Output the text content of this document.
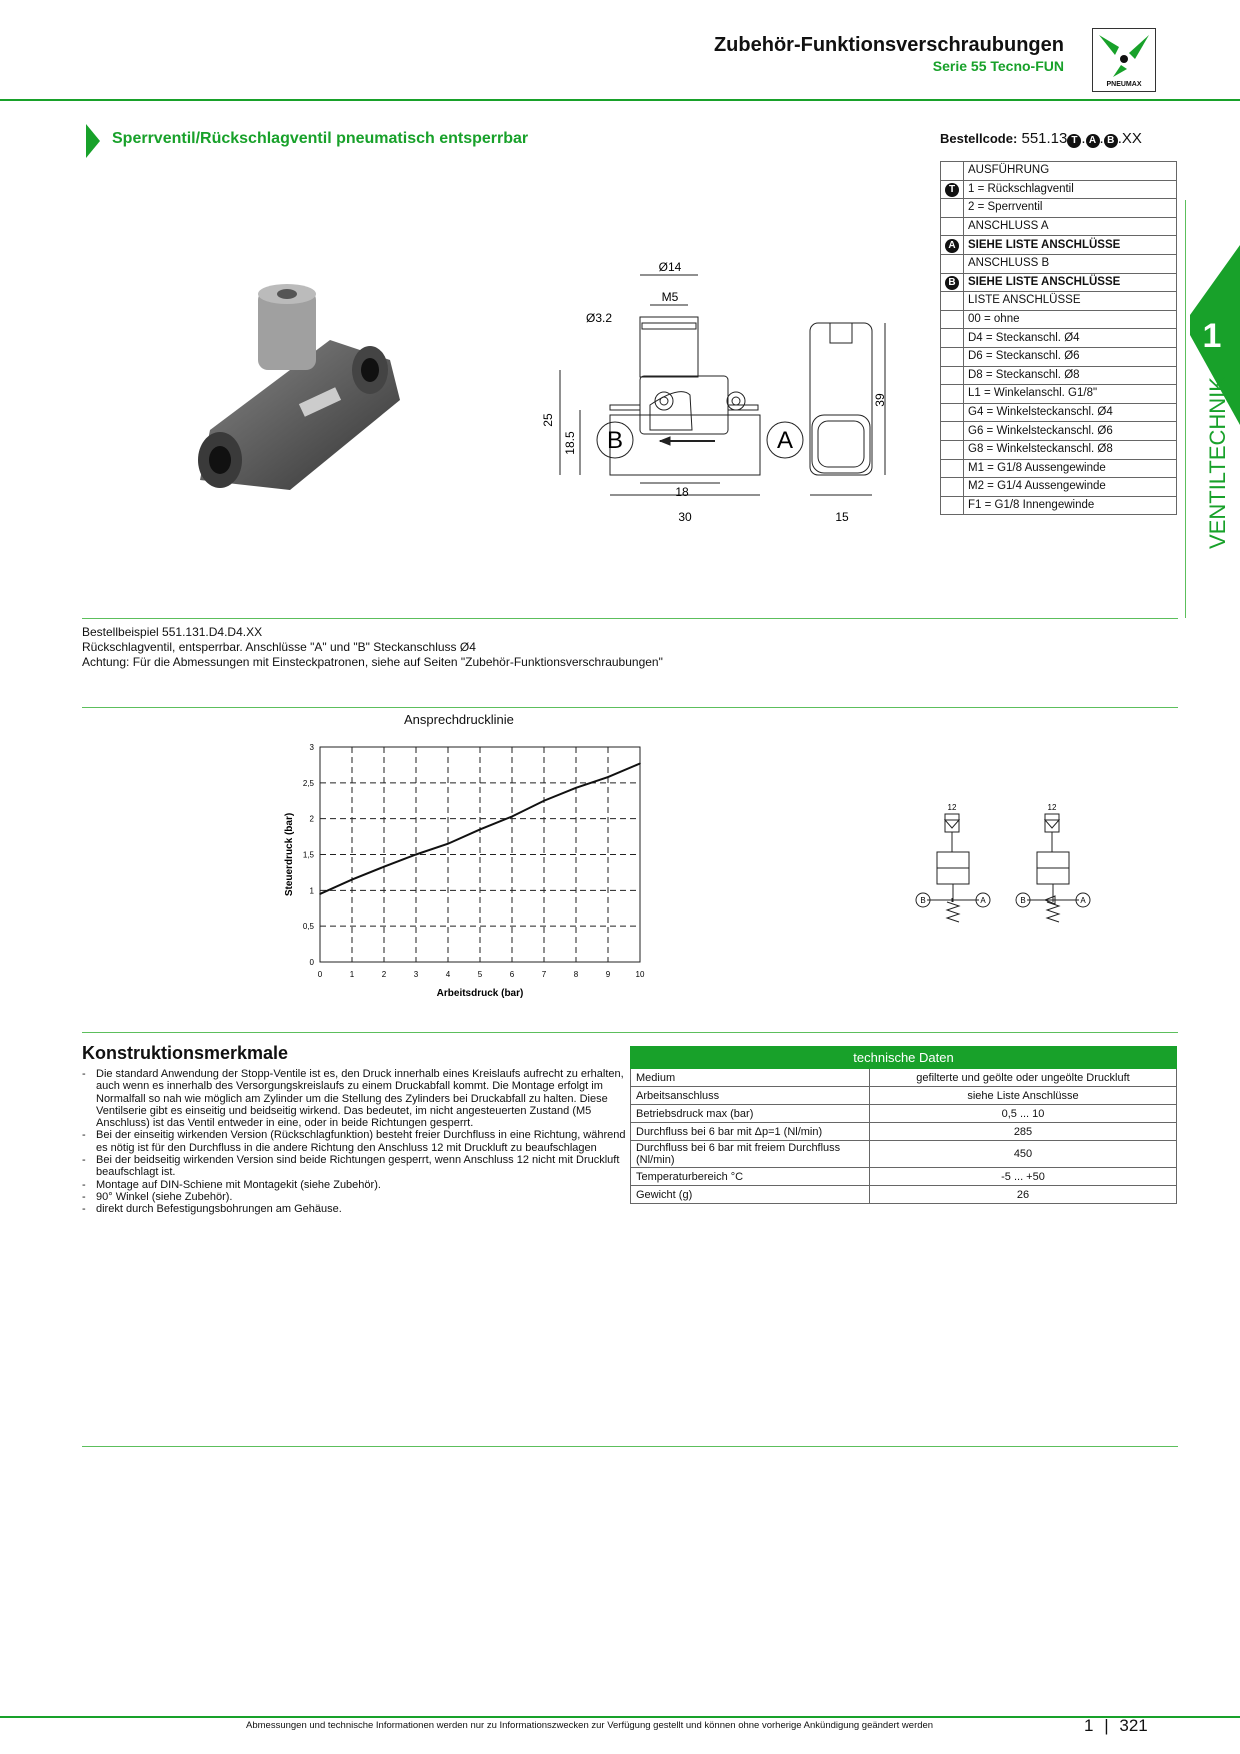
Zubehör-Funktionsverschraubungen
Serie 55 Tecno-FUN
PNEUMAX
Sperrventil/Rückschlagventil pneumatisch entsperrbar	Bestellcode: 551.13 T . A . B .XX
	AUSFÜHRUNG
T	1 = Rückschlagventil
	2 = Sperrventil
	ANSCHLUSS A
A	SIEHE LISTE ANSCHLÜSSE
	ANSCHLUSS B
B	SIEHE LISTE ANSCHLÜSSE
	LISTE ANSCHLÜSSE
	00 = ohne
	D4 = Steckanschl. Ø4
	D6 = Steckanschl. Ø6
	D8 = Steckanschl. Ø8
	L1 = Winkelanschl. G1/8"
	G4 = Winkelsteckanschl. Ø4
	G6 = Winkelsteckanschl. Ø6
	G8 = Winkelsteckanschl. Ø8
	M1 = G1/8 Aussengewinde
	M2 = G1/4 Aussengewinde
	F1 = G1/8 Innengewinde
1
VENTILTECHNIK
Ø14
M5
Ø3.2
25
18.5
39
18
30	15
B	A
Bestellbeispiel 551.131.D4.D4.XX
Rückschlagventil, entsperrbar. Anschlüsse "A" und "B" Steckanschluss Ø4
Achtung: Für die Abmessungen mit Einsteckpatronen, siehe auf Seiten "Zubehör-Funktionsverschraubungen"
Ansprechdrucklinie
0	1	2	3	4	5	6	7	8	9	10
0
0,5
1
1,5
2
2,5
3
Arbeitsdruck (bar)
Steuerdruck (bar)
12	12
B	A	B	A
Konstruktionsmerkmale
- Die standard Anwendung der Stopp-Ventile ist es, den Druck innerhalb eines Kreislaufs aufrecht zu erhalten, auch wenn es innerhalb des Versorgungskreislaufs zu einem Druckabfall kommt. Die Montage erfolgt im Normalfall so nah wie möglich am Zylinder um die Stellung des Zylinders bei Druckabfall zu halten. Diese Ventilserie gibt es einseitig und beidseitig wirkend. Das bedeutet, im nicht angesteuerten Zustand (M5 Anschluss) ist das Ventil entweder in eine, oder in beide Richtungen gesperrt.
- Bei der einseitig wirkenden Version (Rückschlagfunktion) besteht freier Durchfluss in eine Richtung, während es nötig ist für den Durchfluss in die andere Richtung den Anschluss 12 mit Druckluft zu beaufschlagen
- Bei der beidseitig wirkenden Version sind beide Richtungen gesperrt, wenn Anschluss 12 nicht mit Druckluft beaufschlagt ist.
- Montage auf DIN-Schiene mit Montagekit (siehe Zubehör).
- 90° Winkel (siehe Zubehör).
- direkt durch Befestigungsbohrungen am Gehäuse.
technische Daten	
Medium	gefilterte und geölte oder ungeölte Druckluft
Arbeitsanschluss	siehe Liste Anschlüsse
Betriebsdruck max (bar)	0,5 ... 10
Durchfluss bei 6 bar mit Δp=1 (Nl/min)	285
Durchfluss bei 6 bar mit freiem Durchfluss (Nl/min)	450
Temperaturbereich °C	-5 ... +50
Gewicht (g)	26
Abmessungen und technische Informationen werden nur zu Informationszwecken zur Verfügung gestellt und können ohne vorherige Ankündigung geändert werden	1 | 321
